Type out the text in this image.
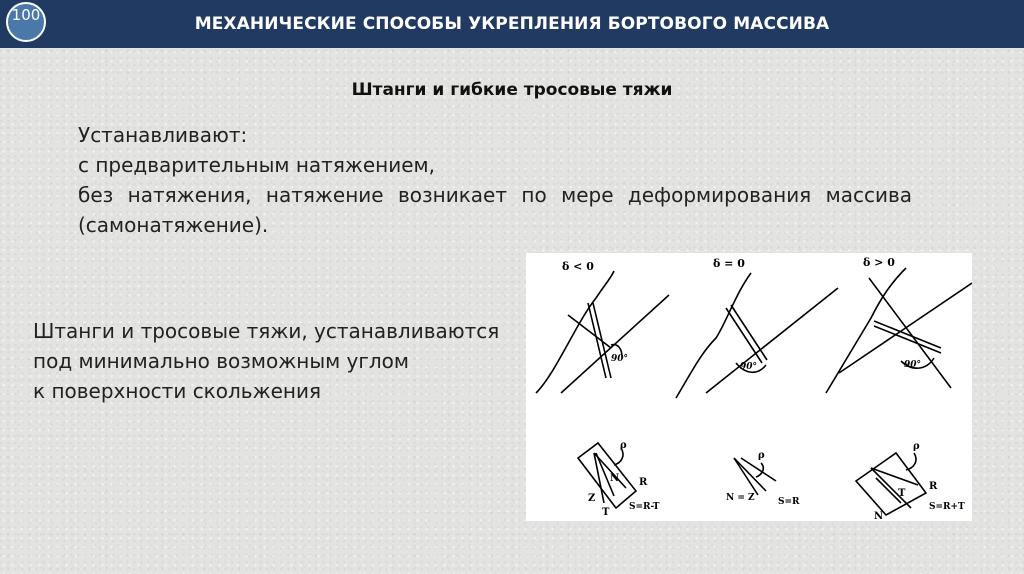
МЕХАНИЧЕСКИЕ СПОСОБЫ УКРЕПЛЕНИЯ БОРТОВОГО МАССИВА
100
Штанги и гибкие тросовые тяжи
Устанавливают:
с предварительным натяжением,
без натяжения, натяжение возникает по мере деформирования массива
(самонатяжение).
Штанги и тросовые тяжи, устанавливаются
под минимально возможным углом
к поверхности скольжения
δ < 0	δ = 0	δ > 0
90°
90°	90°
ρ
N R
Z
T S=R-T
ρ
N = Z	S=R
ρ
R
T
N
S=R+T
